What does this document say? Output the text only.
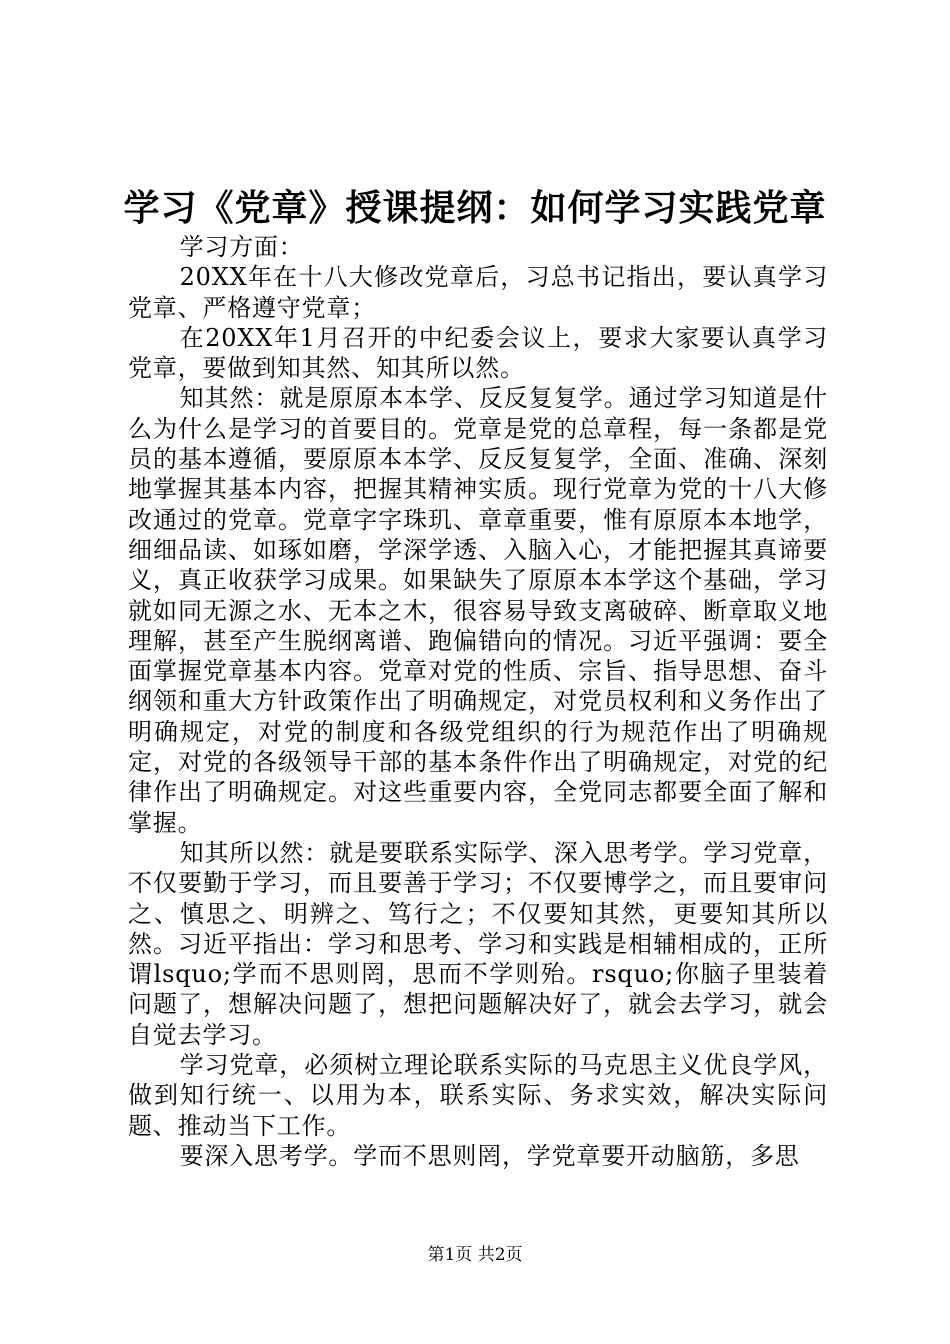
学习《党章》授课提纲：如何学习实践党章

学习方面：

20XX年在十八大修改党章后，习总书记指出，要认真学习党章、严格遵守党章；

在20XX年1月召开的中纪委会议上，要求大家要认真学习党章，要做到知其然、知其所以然。

知其然：就是原原本本学、反反复复学。通过学习知道是什么为什么是学习的首要目的。党章是党的总章程，每一条都是党员的基本遵循，要原原本本学、反反复复学，全面、准确、深刻地掌握其基本内容，把握其精神实质。现行党章为党的十八大修改通过的党章。党章字字珠玑、章章重要，惟有原原本本地学，细细品读、如琢如磨，学深学透、入脑入心，才能把握其真谛要义，真正收获学习成果。如果缺失了原原本本学这个基础，学习就如同无源之水、无本之木，很容易导致支离破碎、断章取义地理解，甚至产生脱纲离谱、跑偏错向的情况。习近平强调：要全面掌握党章基本内容。党章对党的性质、宗旨、指导思想、奋斗纲领和重大方针政策作出了明确规定，对党员权利和义务作出了明确规定，对党的制度和各级党组织的行为规范作出了明确规定，对党的各级领导干部的基本条件作出了明确规定，对党的纪律作出了明确规定。对这些重要内容，全党同志都要全面了解和掌握。

知其所以然：就是要联系实际学、深入思考学。学习党章，不仅要勤于学习，而且要善于学习；不仅要博学之，而且要审问之、慎思之、明辨之、笃行之；不仅要知其然，更要知其所以然。习近平指出：学习和思考、学习和实践是相辅相成的，正所谓lsquo;学而不思则罔，思而不学则殆。rsquo;你脑子里装着问题了，想解决问题了，想把问题解决好了，就会去学习，就会自觉去学习。

学习党章，必须树立理论联系实际的马克思主义优良学风，做到知行统一、以用为本，联系实际、务求实效，解决实际问题、推动当下工作。

要深入思考学。学而不思则罔，学党章要开动脑筋，多思

第1页 共2页
